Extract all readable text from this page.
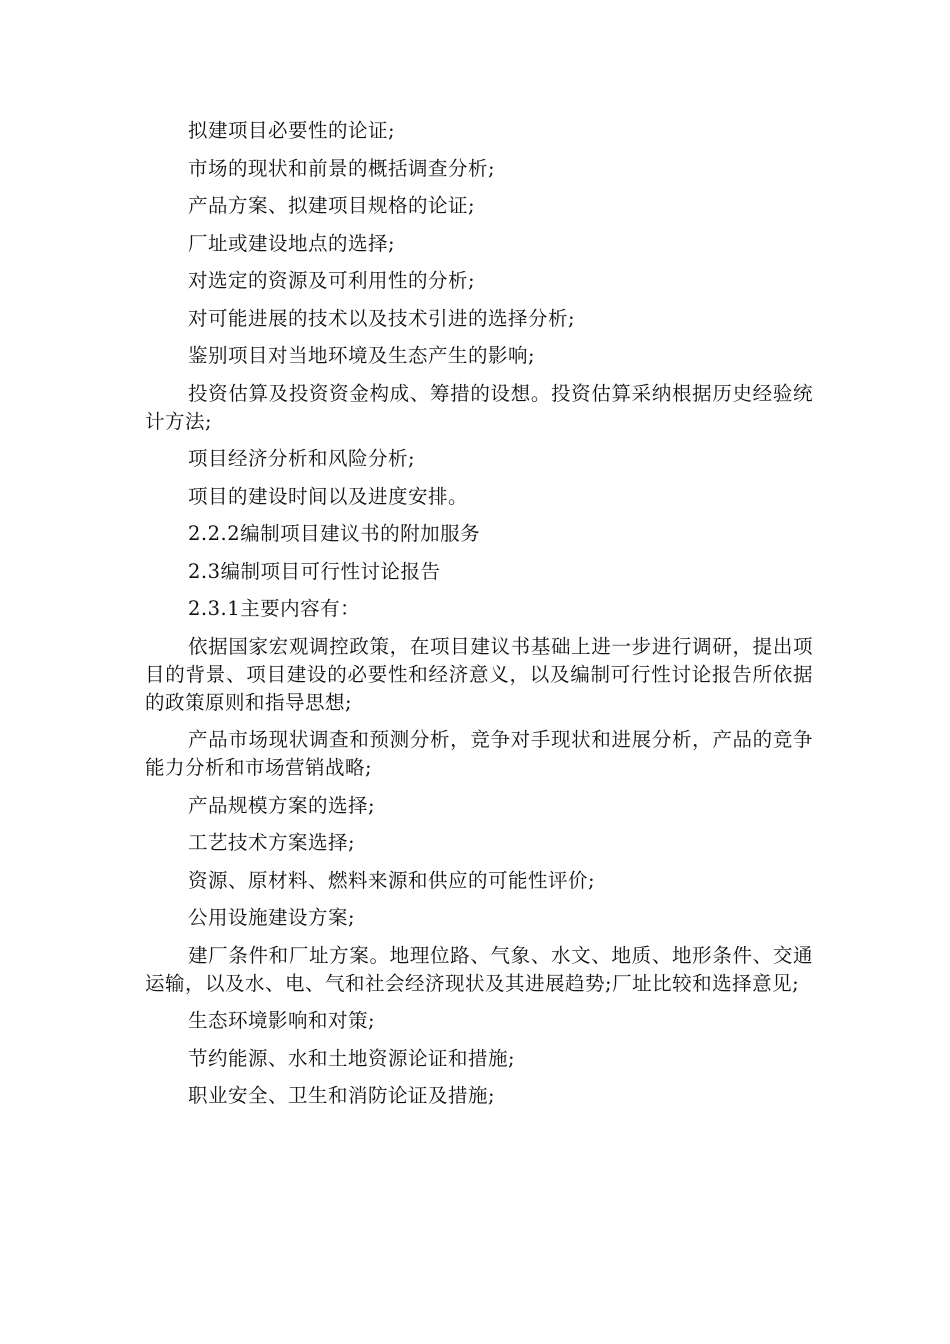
拟建项目必要性的论证;

市场的现状和前景的概括调查分析;

产品方案、拟建项目规格的论证;

厂址或建设地点的选择;

对选定的资源及可利用性的分析;

对可能进展的技术以及技术引进的选择分析;

鉴别项目对当地环境及生态产生的影响;

投资估算及投资资金构成、筹措的设想。投资估算采纳根据历史经验统计方法;

项目经济分析和风险分析;

项目的建设时间以及进度安排。

2.2.2编制项目建议书的附加服务

2.3编制项目可行性讨论报告

2.3.1主要内容有：

依据国家宏观调控政策，在项目建议书基础上进一步进行调研，提出项目的背景、项目建设的必要性和经济意义，以及编制可行性讨论报告所依据的政策原则和指导思想;

产品市场现状调查和预测分析，竞争对手现状和进展分析，产品的竞争能力分析和市场营销战略;

产品规模方案的选择;

工艺技术方案选择;

资源、原材料、燃料来源和供应的可能性评价;

公用设施建设方案;

建厂条件和厂址方案。地理位路、气象、水文、地质、地形条件、交通运输，以及水、电、气和社会经济现状及其进展趋势;厂址比较和选择意见;

生态环境影响和对策;

节约能源、水和土地资源论证和措施;

职业安全、卫生和消防论证及措施;
